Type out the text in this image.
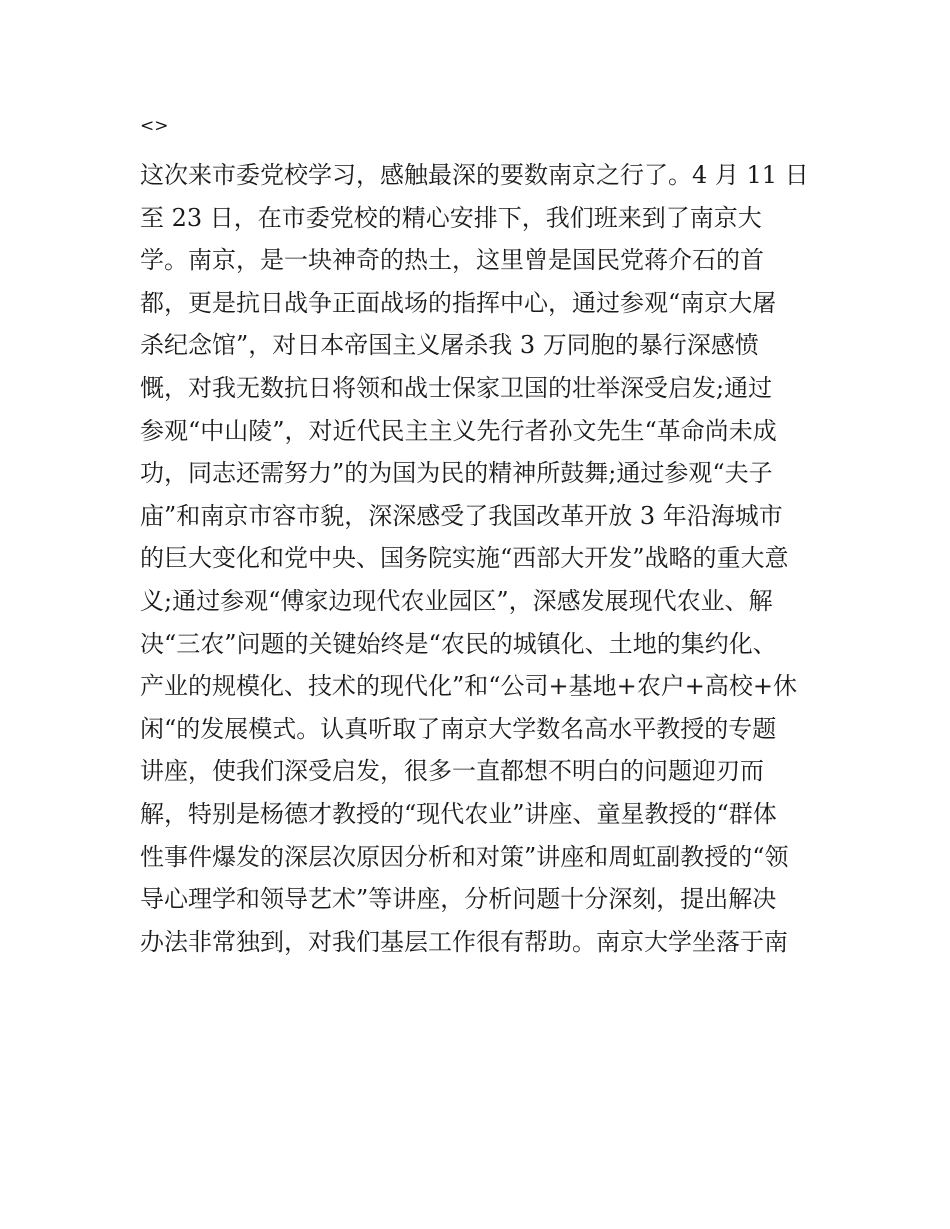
<>
这次来市委党校学习，感触最深的要数南京之行了。4 月 11 日
至 23 日，在市委党校的精心安排下，我们班来到了南京大
学。南京，是一块神奇的热土，这里曾是国民党蒋介石的首
都，更是抗日战争正面战场的指挥中心，通过参观“南京大屠
杀纪念馆”，对日本帝国主义屠杀我 3 万同胞的暴行深感愤
慨，对我无数抗日将领和战士保家卫国的壮举深受启发;通过
参观“中山陵”，对近代民主主义先行者孙文先生“革命尚未成
功，同志还需努力”的为国为民的精神所鼓舞;通过参观“夫子
庙”和南京市容市貌，深深感受了我国改革开放 3 年沿海城市
的巨大变化和党中央、国务院实施“西部大开发”战略的重大意
义;通过参观“傅家边现代农业园区”，深感发展现代农业、解
决“三农”问题的关键始终是“农民的城镇化、土地的集约化、
产业的规模化、技术的现代化”和“公司+基地+农户+高校+休
闲“的发展模式。认真听取了南京大学数名高水平教授的专题
讲座，使我们深受启发，很多一直都想不明白的问题迎刃而
解，特别是杨德才教授的“现代农业”讲座、童星教授的“群体
性事件爆发的深层次原因分析和对策”讲座和周虹副教授的“领
导心理学和领导艺术”等讲座，分析问题十分深刻，提出解决
办法非常独到，对我们基层工作很有帮助。南京大学坐落于南
